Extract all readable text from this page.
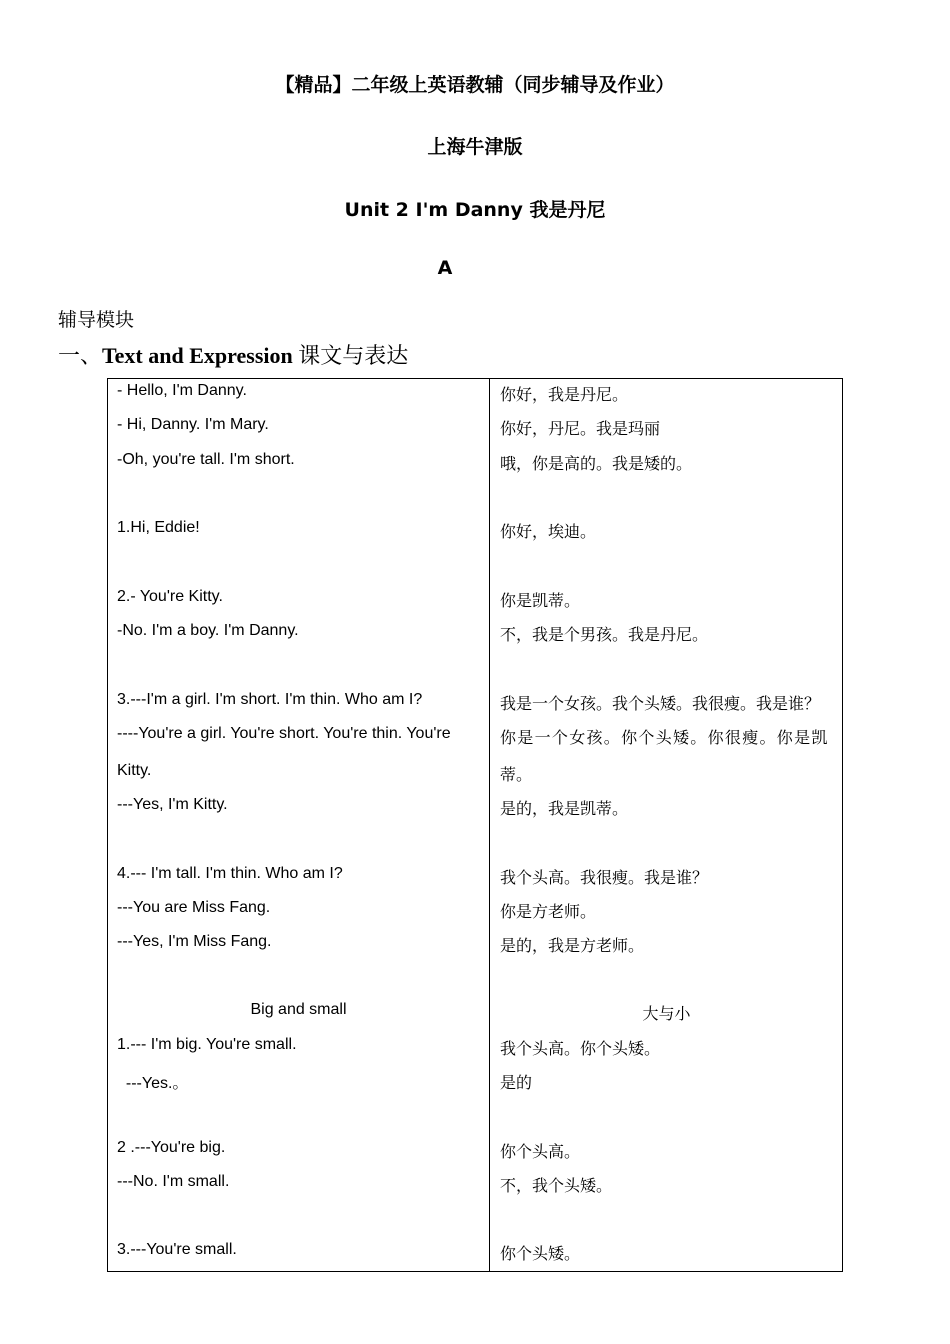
【精品】二年级上英语教辅（同步辅导及作业）
上海牛津版
Unit 2 I'm Danny 我是丹尼
A
辅导模块
一、Text and Expression 课文与表达
- Hello, I'm Danny.
- Hi, Danny. I'm Mary.
-Oh, you're tall. I'm short.
1.Hi, Eddie!
2.- You're Kitty.
-No. I'm a boy. I'm Danny.
3.---I'm a girl. I'm short. I'm thin. Who am I?
----You're a girl. You're short. You're thin. You're
Kitty.
---Yes, I'm Kitty.
4.--- I'm tall. I'm thin. Who am I?
---You are Miss Fang.
---Yes, I'm Miss Fang.
Big and small
1.--- I'm big. You're small.
---Yes.。
2 .---You're big.
---No. I'm small.
3.---You're small.
你好，我是丹尼。
你好，丹尼。我是玛丽
哦，你是高的。我是矮的。
你好，埃迪。
你是凯蒂。
不，我是个男孩。我是丹尼。
我是一个女孩。我个头矮。我很瘦。我是谁？
你是一个女孩。你个头矮。你很瘦。你是凯
蒂。
是的，我是凯蒂。
我个头高。我很瘦。我是谁？
你是方老师。
是的，我是方老师。
大与小
我个头高。你个头矮。
是的
你个头高。
不，我个头矮。
你个头矮。
